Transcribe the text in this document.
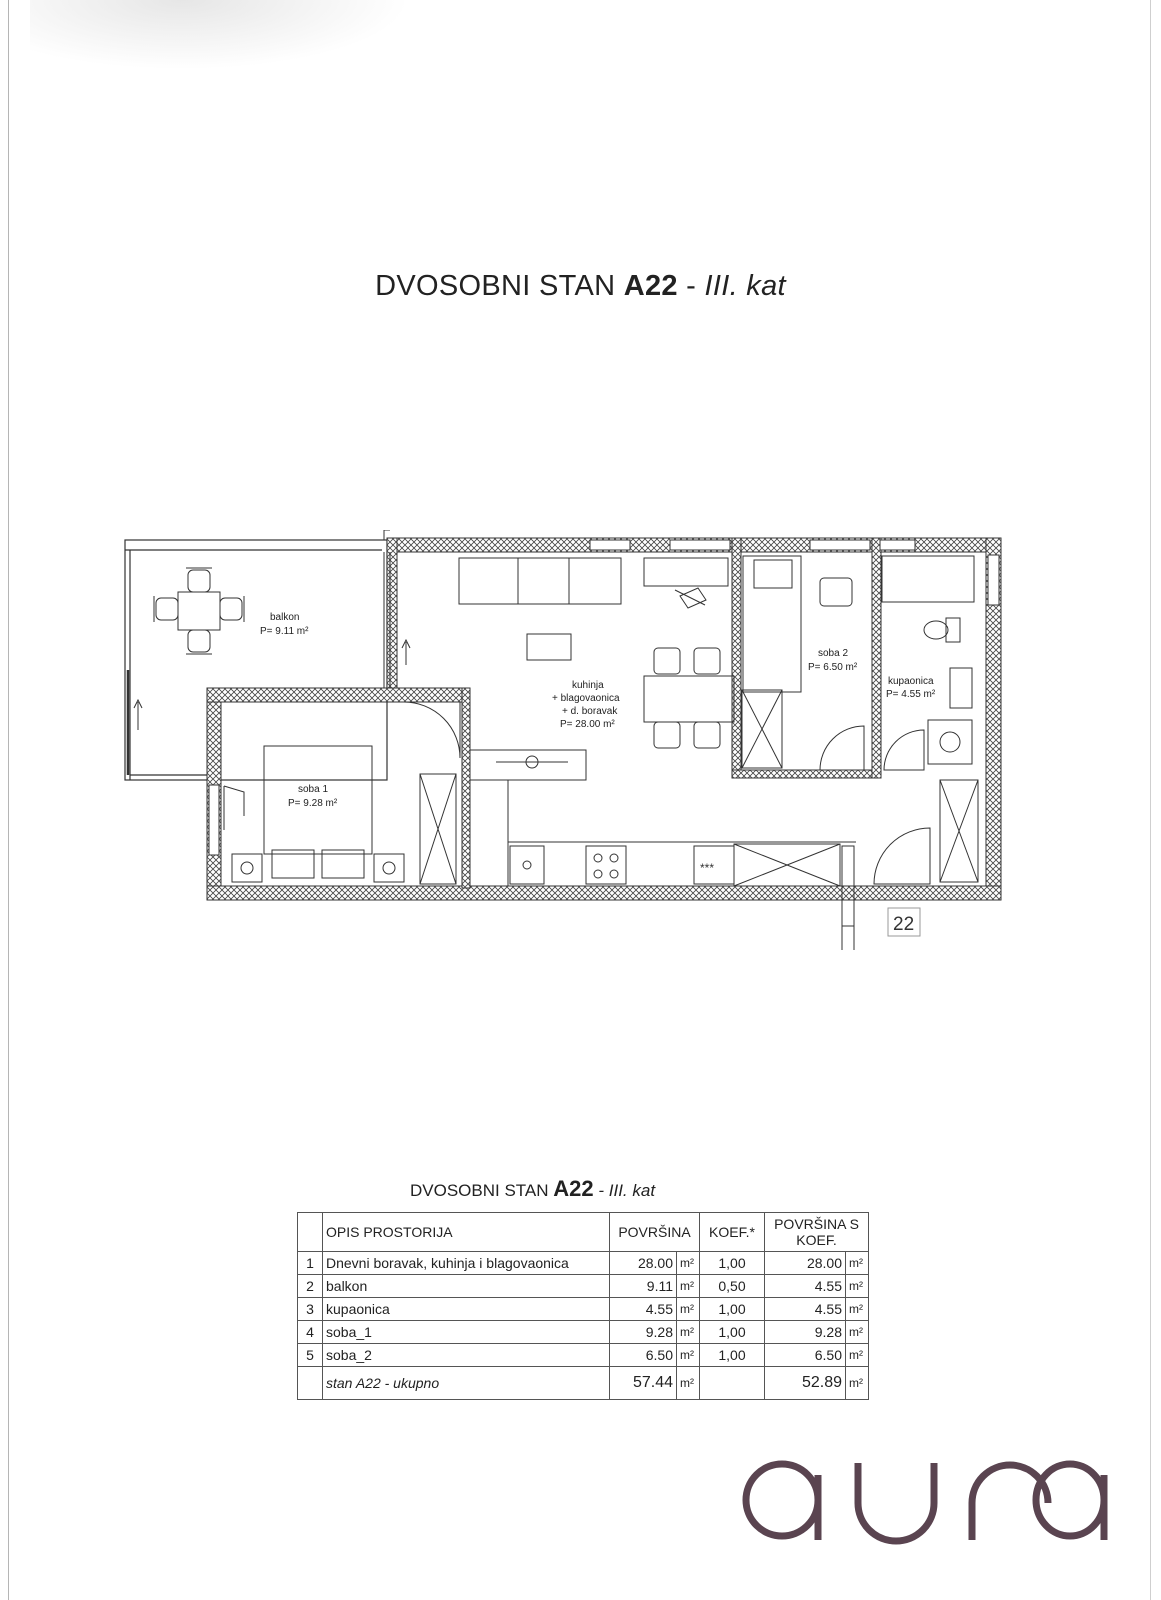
DVOSOBNI STAN A22 - III. kat
***
balkon
P= 9.11 m²
soba 1
P= 9.28 m²
kuhinja
+ blagovaonica
+ d. boravak
P= 28.00 m²
soba 2
P= 6.50 m²
kupaonica
P= 4.55 m²
22
DVOSOBNI STAN A22 - III. kat
	OPIS PROSTORIJA	POVRŠINA		KOEF.*	POVRŠINA S
KOEF.	
1	Dnevni boravak, kuhinja i blagovaonica	28.00	m²	1,00	28.00	m²
2	balkon	9.11	m²	0,50	4.55	m²
3	kupaonica	4.55	m²	1,00	4.55	m²
4	soba_1	9.28	m²	1,00	9.28	m²
5	soba_2	6.50	m²	1,00	6.50	m²
	stan A22 - ukupno	57.44	m²		52.89	m²
